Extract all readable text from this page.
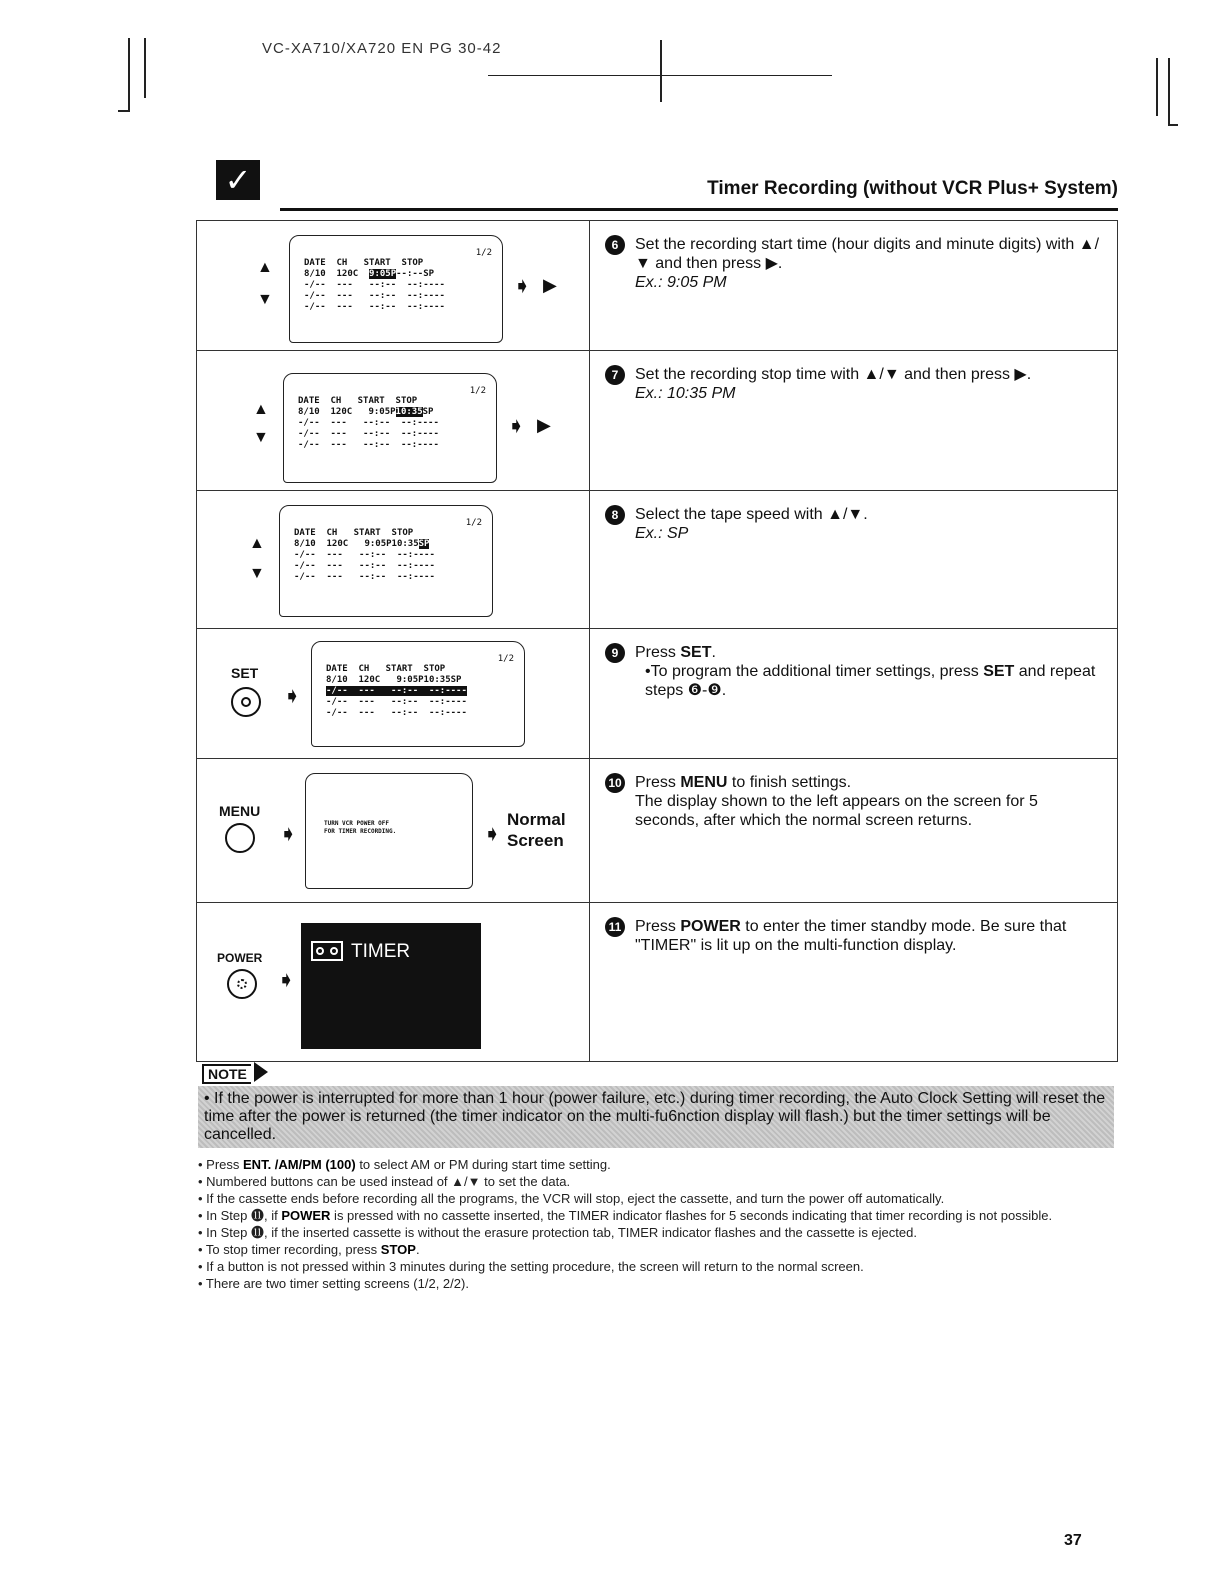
VC-XA710/XA720 EN PG 30-42
✓	Timer Recording (without VCR Plus+ System)
▲
▼
1/2
DATE  CH   START  STOP
8/10  120C  9:05P--:--SP
-/--  ---   --:--  --:----
-/--  ---   --:--  --:----
-/--  ---   --:--  --:----
➧ ▶
6 Set the recording start time (hour digits and minute digits) with ▲/▼ and then press ▶.
Ex.: 9:05 PM
▲
▼
1/2
DATE  CH   START  STOP
8/10  120C   9:05P10:35SP
-/--  ---   --:--  --:----
-/--  ---   --:--  --:----
-/--  ---   --:--  --:----
➧ ▶
7 Set the recording stop time with ▲/▼ and then press ▶.
Ex.: 10:35 PM
▲
▼
1/2
DATE  CH   START  STOP
8/10  120C   9:05P10:35SP
-/--  ---   --:--  --:----
-/--  ---   --:--  --:----
-/--  ---   --:--  --:----
8 Select the tape speed with ▲/▼.
Ex.: SP
SET
➧
1/2
DATE  CH   START  STOP
8/10  120C   9:05P10:35SP
-/--  ---   --:--  --:----
-/--  ---   --:--  --:----
-/--  ---   --:--  --:----
9 Press SET.
•To program the additional timer settings, press SET and repeat steps ❻-❾.
MENU
➧	TURN VCR POWER OFF
FOR TIMER RECORDING.	➧
Normal Screen
10 Press MENU to finish settings.
The display shown to the left appears on the screen for 5 seconds, after which the normal screen returns.
POWER
➧
TIMER
11 Press POWER to enter the timer standby mode. Be sure that "TIMER" is lit up on the multi-function display.
NOTE
• If the power is interrupted for more than 1 hour (power failure, etc.) during timer recording, the Auto Clock Setting will reset the time after the power is returned (the timer indicator on the multi-fu6nction display will flash.) but the timer settings will be cancelled.
• Press ENT. /AM/PM (100) to select AM or PM during start time setting.
• Numbered buttons can be used instead of ▲/▼ to set the data.
• If the cassette ends before recording all the programs, the VCR will stop, eject the cassette, and turn the power off automatically.
• In Step ⓫, if POWER is pressed with no cassette inserted, the TIMER indicator flashes for 5 seconds indicating that timer recording is not possible.
• In Step ⓫, if the inserted cassette is without the erasure protection tab, TIMER indicator flashes and the cassette is ejected.
• To stop timer recording, press STOP.
• If a button is not pressed within 3 minutes during the setting procedure, the screen will return to the normal screen.
• There are two timer setting screens (1/2, 2/2).
37
